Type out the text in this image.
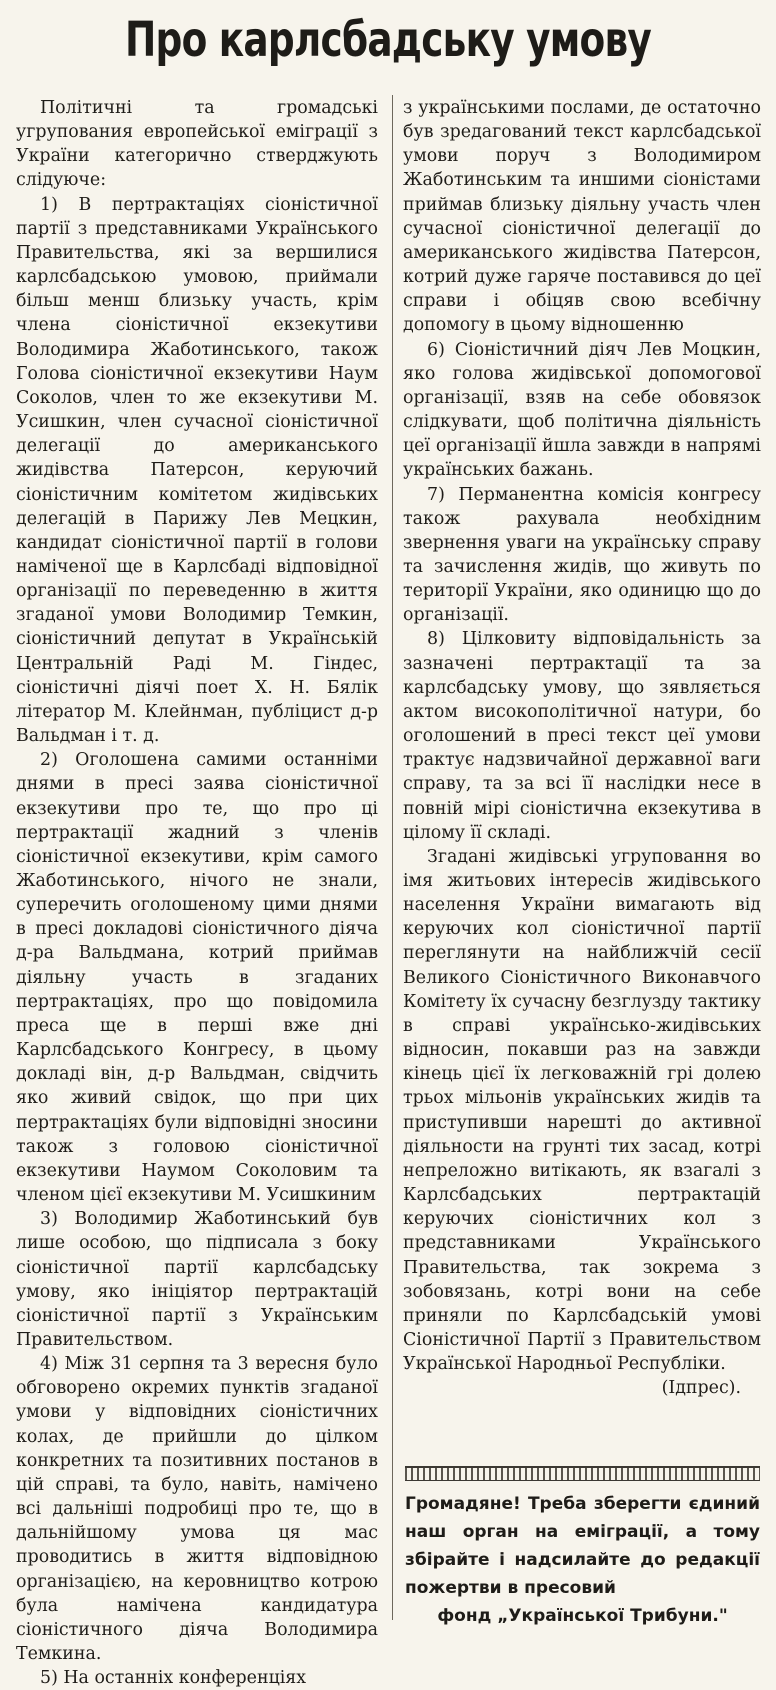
Про карлсбадську умову

Політичні та громадські угрупования европейської еміграції з України категорично стверджують слідуюче:

1) В пертрактаціях сіоністичної партії з представниками Українського Правительства, які за вершилися карлсбадською умовою, приймали більш менш близьку участь, крім члена сіоністичної екзекутиви Володимира Жаботинського, також Голова сіоністичної екзекутиви Наум Соколов, член то же екзекутиви М. Усишкин, член сучасної сіоністичної делегації до американського жидівства Патерсон, керуючий сіоністичним комітетом жидівських делегацій в Парижу Лев Мецкин, кандидат сіоністичної партії в голови наміченої ще в Карлсбаді відповідної організації по переведенню в життя згаданої умови Володимир Темкин, сіоністичний депутат в Українській Центральній Раді М. Гіндес, сіоністичні діячі поет Х. Н. Бялік літератор М. Клейнман, публіцист д-р Вальдман і т. д.

2) Оголошена самими останніми днями в пресі заява сіоністичної екзекутиви про те, що про ці пертрактації жадний з членів сіоністичної екзекутиви, крім самого Жаботинського, нічого не знали, суперечить оголошеному цими днями в пресі докладові сіоністичного діяча д-ра Вальдмана, котрий приймав діяльну участь в згаданих пертрактаціях, про що повідомила преса ще в перші вже дні Карлсбадського Конгресу, в цьому докладі він, д-р Вальдман, свідчить яко живий свідок, що при цих пертрактаціях були відповідні зносини також з головою сіоністичної екзекутиви Наумом Соколовим та членом цієї екзекутиви М. Усишкиним

3) Володимир Жаботинський був лише особою, що підписала з боку сіоністичної партії карлсбадську умову, яко ініціятор пертрактацій сіоністичної партії з Українським Правительством.

4) Між 31 серпня та 3 вересня було обговорено окремих пунктів згаданої умови у відповідних сіоністичних колах, де прийшли до цілком конкретних та позитивних постанов в цій справі, та було, навіть, намічено всі дальніші подробиці про те, що в дальнійшому умова ця мас проводитись в життя відповідною організацією, на керовництво котрою була намічена кандидатура сіоністичного діяча Володимира Темкина.

5) На останніх конференціях

з українськими послами, де остаточно був зредагований текст карлсбадської умови поруч з Володимиром Жаботинським та иншими сіоністами приймав близьку діяльну участь член сучасної сіоністичної делегації до американського жидівства Патерсон, котрий дуже гаряче поставився до цеї справи і обіцяв свою всебічну допомогу в цьому відношенню

6) Сіоністичний діяч Лев Моцкин, яко голова жидівської допомогової організації, взяв на себе обовязок слідкувати, щоб політична діяльність цеї організації йшла завжди в напрямі українських бажань.

7) Перманентна комісія конгресу також рахувала необхідним звернення уваги на українську справу та зачислення жидів, що живуть по території України, яко одиницю що до організації.

8) Цілковиту відповідальність за зазначені пертрактації та за карлсбадську умову, що зявляється актом високополітичної натури, бо оголошений в пресі текст цеї умови трактує надзвичайної державної ваги справу, та за всі її наслідки несе в повній мірі сіоністична екзекутива в цілому її складі.

Згадані жидівські угруповання во імя житьових інтересів жидівського населення України вимагають від керуючих кол сіоністичної партії переглянути на найближчій сесії Великого Сіоністичного Виконавчого Комітету їх сучасну безглузду тактику в справі українсько-жидівських відносин, покавши раз на завжди кінець цієї їх легковажній грі долею трьох мільонів українських жидів та приступивши нарешті до активної діяльности на грунті тих засад, котрі непреложно витікають, як взагалі з Карлсбадських пертрактацій керуючих сіоністичних кол з представниками Українського Правительства, так зокрема з зобовязань, котрі вони на себе приняли по Карлсбадській умові Сіоністичної Партії з Правительством Української Народньої Республіки.

(Ідпрес).

Громадяне! Треба зберегти єдиний наш орган на еміграції, а тому збірайте і надсилайте до редакції пожертви в пресовий

фонд „Української Трибуни."
